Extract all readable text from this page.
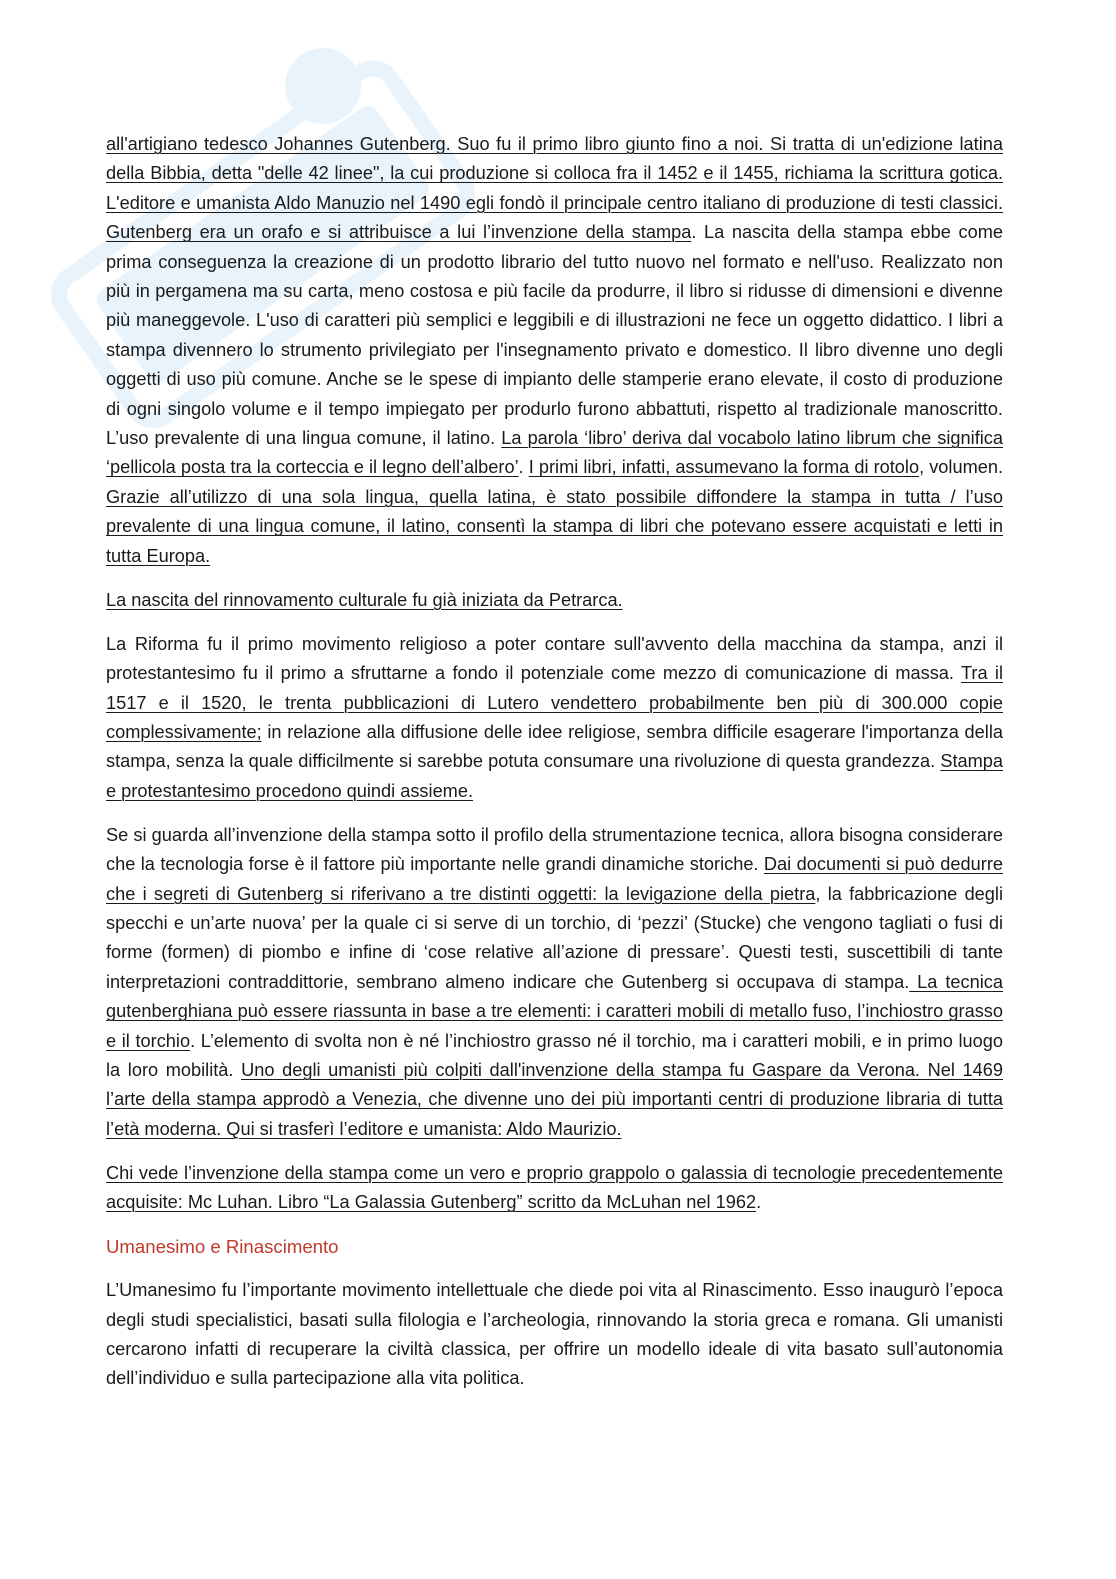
all'artigiano tedesco Johannes Gutenberg. Suo fu il primo libro giunto fino a noi. Si tratta di un'edizione latina della Bibbia, detta "delle 42 linee", la cui produzione si colloca fra il 1452 e il 1455, richiama la scrittura gotica. L'editore e umanista Aldo Manuzio nel 1490 egli fondò il principale centro italiano di produzione di testi classici. Gutenberg era un orafo e si attribuisce a lui l’invenzione della stampa. La nascita della stampa ebbe come prima conseguenza la creazione di un prodotto librario del tutto nuovo nel formato e nell'uso. Realizzato non più in pergamena ma su carta, meno costosa e più facile da produrre, il libro si ridusse di dimensioni e divenne più maneggevole. L'uso di caratteri più semplici e leggibili e di illustrazioni ne fece un oggetto didattico. I libri a stampa divennero lo strumento privilegiato per l'insegnamento privato e domestico. Il libro divenne uno degli oggetti di uso più comune. Anche se le spese di impianto delle stamperie erano elevate, il costo di produzione di ogni singolo volume e il tempo impiegato per produrlo furono abbattuti, rispetto al tradizionale manoscritto. L’uso prevalente di una lingua comune, il latino. La parola ‘libro’ deriva dal vocabolo latino librum che significa ‘pellicola posta tra la corteccia e il legno dell’albero’. I primi libri, infatti, assumevano la forma di rotolo, volumen. Grazie all’utilizzo di una sola lingua, quella latina, è stato possibile diffondere la stampa in tutta / l’uso prevalente di una lingua comune, il latino, consentì la stampa di libri che potevano essere acquistati e letti in tutta Europa.

La nascita del rinnovamento culturale fu già iniziata da Petrarca.

La Riforma fu il primo movimento religioso a poter contare sull'avvento della macchina da stampa, anzi il protestantesimo fu il primo a sfruttarne a fondo il potenziale come mezzo di comunicazione di massa. Tra il 1517 e il 1520, le trenta pubblicazioni di Lutero vendettero probabilmente ben più di 300.000 copie complessivamente; in relazione alla diffusione delle idee religiose, sembra difficile esagerare l'importanza della stampa, senza la quale difficilmente si sarebbe potuta consumare una rivoluzione di questa grandezza. Stampa e protestantesimo procedono quindi assieme.

Se si guarda all’invenzione della stampa sotto il profilo della strumentazione tecnica, allora bisogna considerare che la tecnologia forse è il fattore più importante nelle grandi dinamiche storiche. Dai documenti si può dedurre che i segreti di Gutenberg si riferivano a tre distinti oggetti: la levigazione della pietra, la fabbricazione degli specchi e un’arte nuova’ per la quale ci si serve di un torchio, di ‘pezzi’ (Stucke) che vengono tagliati o fusi di forme (formen) di piombo e infine di ‘cose relative all’azione di pressare’. Questi testi, suscettibili di tante interpretazioni contraddittorie, sembrano almeno indicare che Gutenberg si occupava di stampa. La tecnica gutenberghiana può essere riassunta in base a tre elementi: i caratteri mobili di metallo fuso, l’inchiostro grasso e il torchio. L’elemento di svolta non è né l’inchiostro grasso né il torchio, ma i caratteri mobili, e in primo luogo la loro mobilità. Uno degli umanisti più colpiti dall'invenzione della stampa fu Gaspare da Verona. Nel 1469 l’arte della stampa approdò a Venezia, che divenne uno dei più importanti centri di produzione libraria di tutta l’età moderna. Qui si trasferì l’editore e umanista: Aldo Maurizio.

Chi vede l’invenzione della stampa come un vero e proprio grappolo o galassia di tecnologie precedentemente acquisite: Mc Luhan. Libro “La Galassia Gutenberg” scritto da McLuhan nel 1962.

Umanesimo e Rinascimento

L’Umanesimo fu l’importante movimento intellettuale che diede poi vita al Rinascimento. Esso inaugurò l’epoca degli studi specialistici, basati sulla filologia e l’archeologia, rinnovando la storia greca e romana. Gli umanisti cercarono infatti di recuperare la civiltà classica, per offrire un modello ideale di vita basato sull’autonomia dell’individuo e sulla partecipazione alla vita politica.
